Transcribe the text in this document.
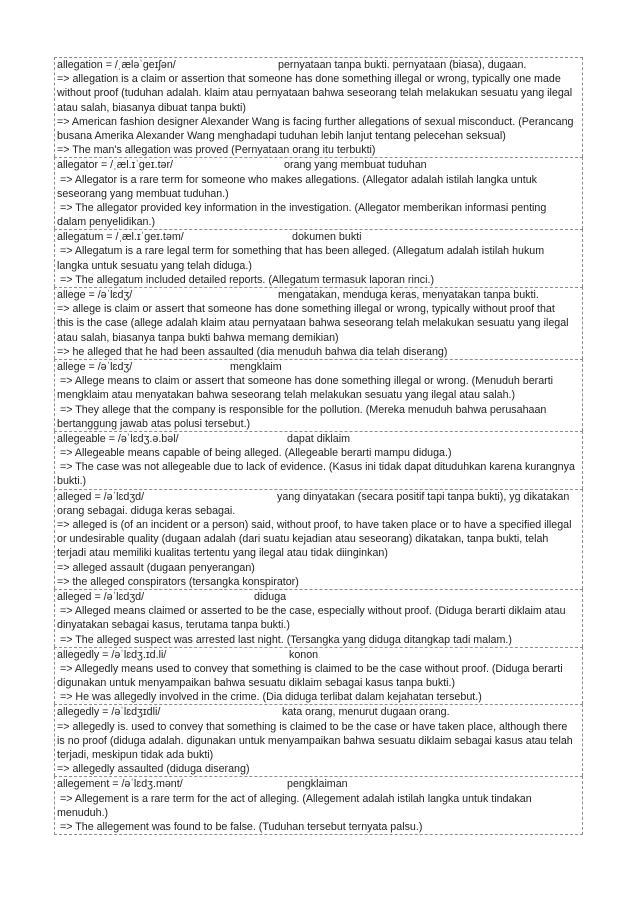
allegation = /ˌæləˈɡeɪʃən/	pernyataan tanpa bukti. pernyataan (biasa), dugaan.
=> allegation is a claim or assertion that someone has done something illegal or wrong, typically one made
without proof (tuduhan adalah. klaim atau pernyataan bahwa seseorang telah melakukan sesuatu yang ilegal
atau salah, biasanya dibuat tanpa bukti)
=> American fashion designer Alexander Wang is facing further allegations of sexual misconduct. (Perancang
busana Amerika Alexander Wang menghadapi tuduhan lebih lanjut tentang pelecehan seksual)
=> The man's allegation was proved (Pernyataan orang itu terbukti)
allegator = /ˌæl.ɪˈɡeɪ.tər/	orang yang membuat tuduhan
=> Allegator is a rare term for someone who makes allegations. (Allegator adalah istilah langka untuk
seseorang yang membuat tuduhan.)
=> The allegator provided key information in the investigation. (Allegator memberikan informasi penting
dalam penyelidikan.)
allegatum = /ˌæl.ɪˈɡeɪ.təm/	dokumen bukti
=> Allegatum is a rare legal term for something that has been alleged. (Allegatum adalah istilah hukum
langka untuk sesuatu yang telah diduga.)
=> The allegatum included detailed reports. (Allegatum termasuk laporan rinci.)
allege = /əˈlɛdʒ/	mengatakan, menduga keras, menyatakan tanpa bukti.
=> allege is claim or assert that someone has done something illegal or wrong, typically without proof that
this is the case (allege adalah klaim atau pernyataan bahwa seseorang telah melakukan sesuatu yang ilegal
atau salah, biasanya tanpa bukti bahwa memang demikian)
=> he alleged that he had been assaulted (dia menuduh bahwa dia telah diserang)
allege = /əˈlɛdʒ/	mengklaim
=> Allege means to claim or assert that someone has done something illegal or wrong. (Menuduh berarti
mengklaim atau menyatakan bahwa seseorang telah melakukan sesuatu yang ilegal atau salah.)
=> They allege that the company is responsible for the pollution. (Mereka menuduh bahwa perusahaan
bertanggung jawab atas polusi tersebut.)
allegeable = /əˈlɛdʒ.ə.bəl/	dapat diklaim
=> Allegeable means capable of being alleged. (Allegeable berarti mampu diduga.)
=> The case was not allegeable due to lack of evidence. (Kasus ini tidak dapat dituduhkan karena kurangnya
bukti.)
alleged = /əˈlɛdʒd/	yang dinyatakan (secara positif tapi tanpa bukti), yg dikatakan
orang sebagai. diduga keras sebagai.
=> alleged is (of an incident or a person) said, without proof, to have taken place or to have a specified illegal
or undesirable quality (dugaan adalah (dari suatu kejadian atau seseorang) dikatakan, tanpa bukti, telah
terjadi atau memiliki kualitas tertentu yang ilegal atau tidak diinginkan)
=> alleged assault (dugaan penyerangan)
=> the alleged conspirators (tersangka konspirator)
alleged = /əˈlɛdʒd/	diduga
=> Alleged means claimed or asserted to be the case, especially without proof. (Diduga berarti diklaim atau
dinyatakan sebagai kasus, terutama tanpa bukti.)
=> The alleged suspect was arrested last night. (Tersangka yang diduga ditangkap tadi malam.)
allegedly = /əˈlɛdʒ.ɪd.li/	konon
=> Allegedly means used to convey that something is claimed to be the case without proof. (Diduga berarti
digunakan untuk menyampaikan bahwa sesuatu diklaim sebagai kasus tanpa bukti.)
=> He was allegedly involved in the crime. (Dia diduga terlibat dalam kejahatan tersebut.)
allegedly = /əˈlɛdʒɪdli/	kata orang, menurut dugaan orang.
=> allegedly is. used to convey that something is claimed to be the case or have taken place, although there
is no proof (diduga adalah. digunakan untuk menyampaikan bahwa sesuatu diklaim sebagai kasus atau telah
terjadi, meskipun tidak ada bukti)
=> allegedly assaulted (diduga diserang)
allegement = /əˈlɛdʒ.mənt/	pengklaiman
=> Allegement is a rare term for the act of alleging. (Allegement adalah istilah langka untuk tindakan
menuduh.)
=> The allegement was found to be false. (Tuduhan tersebut ternyata palsu.)
